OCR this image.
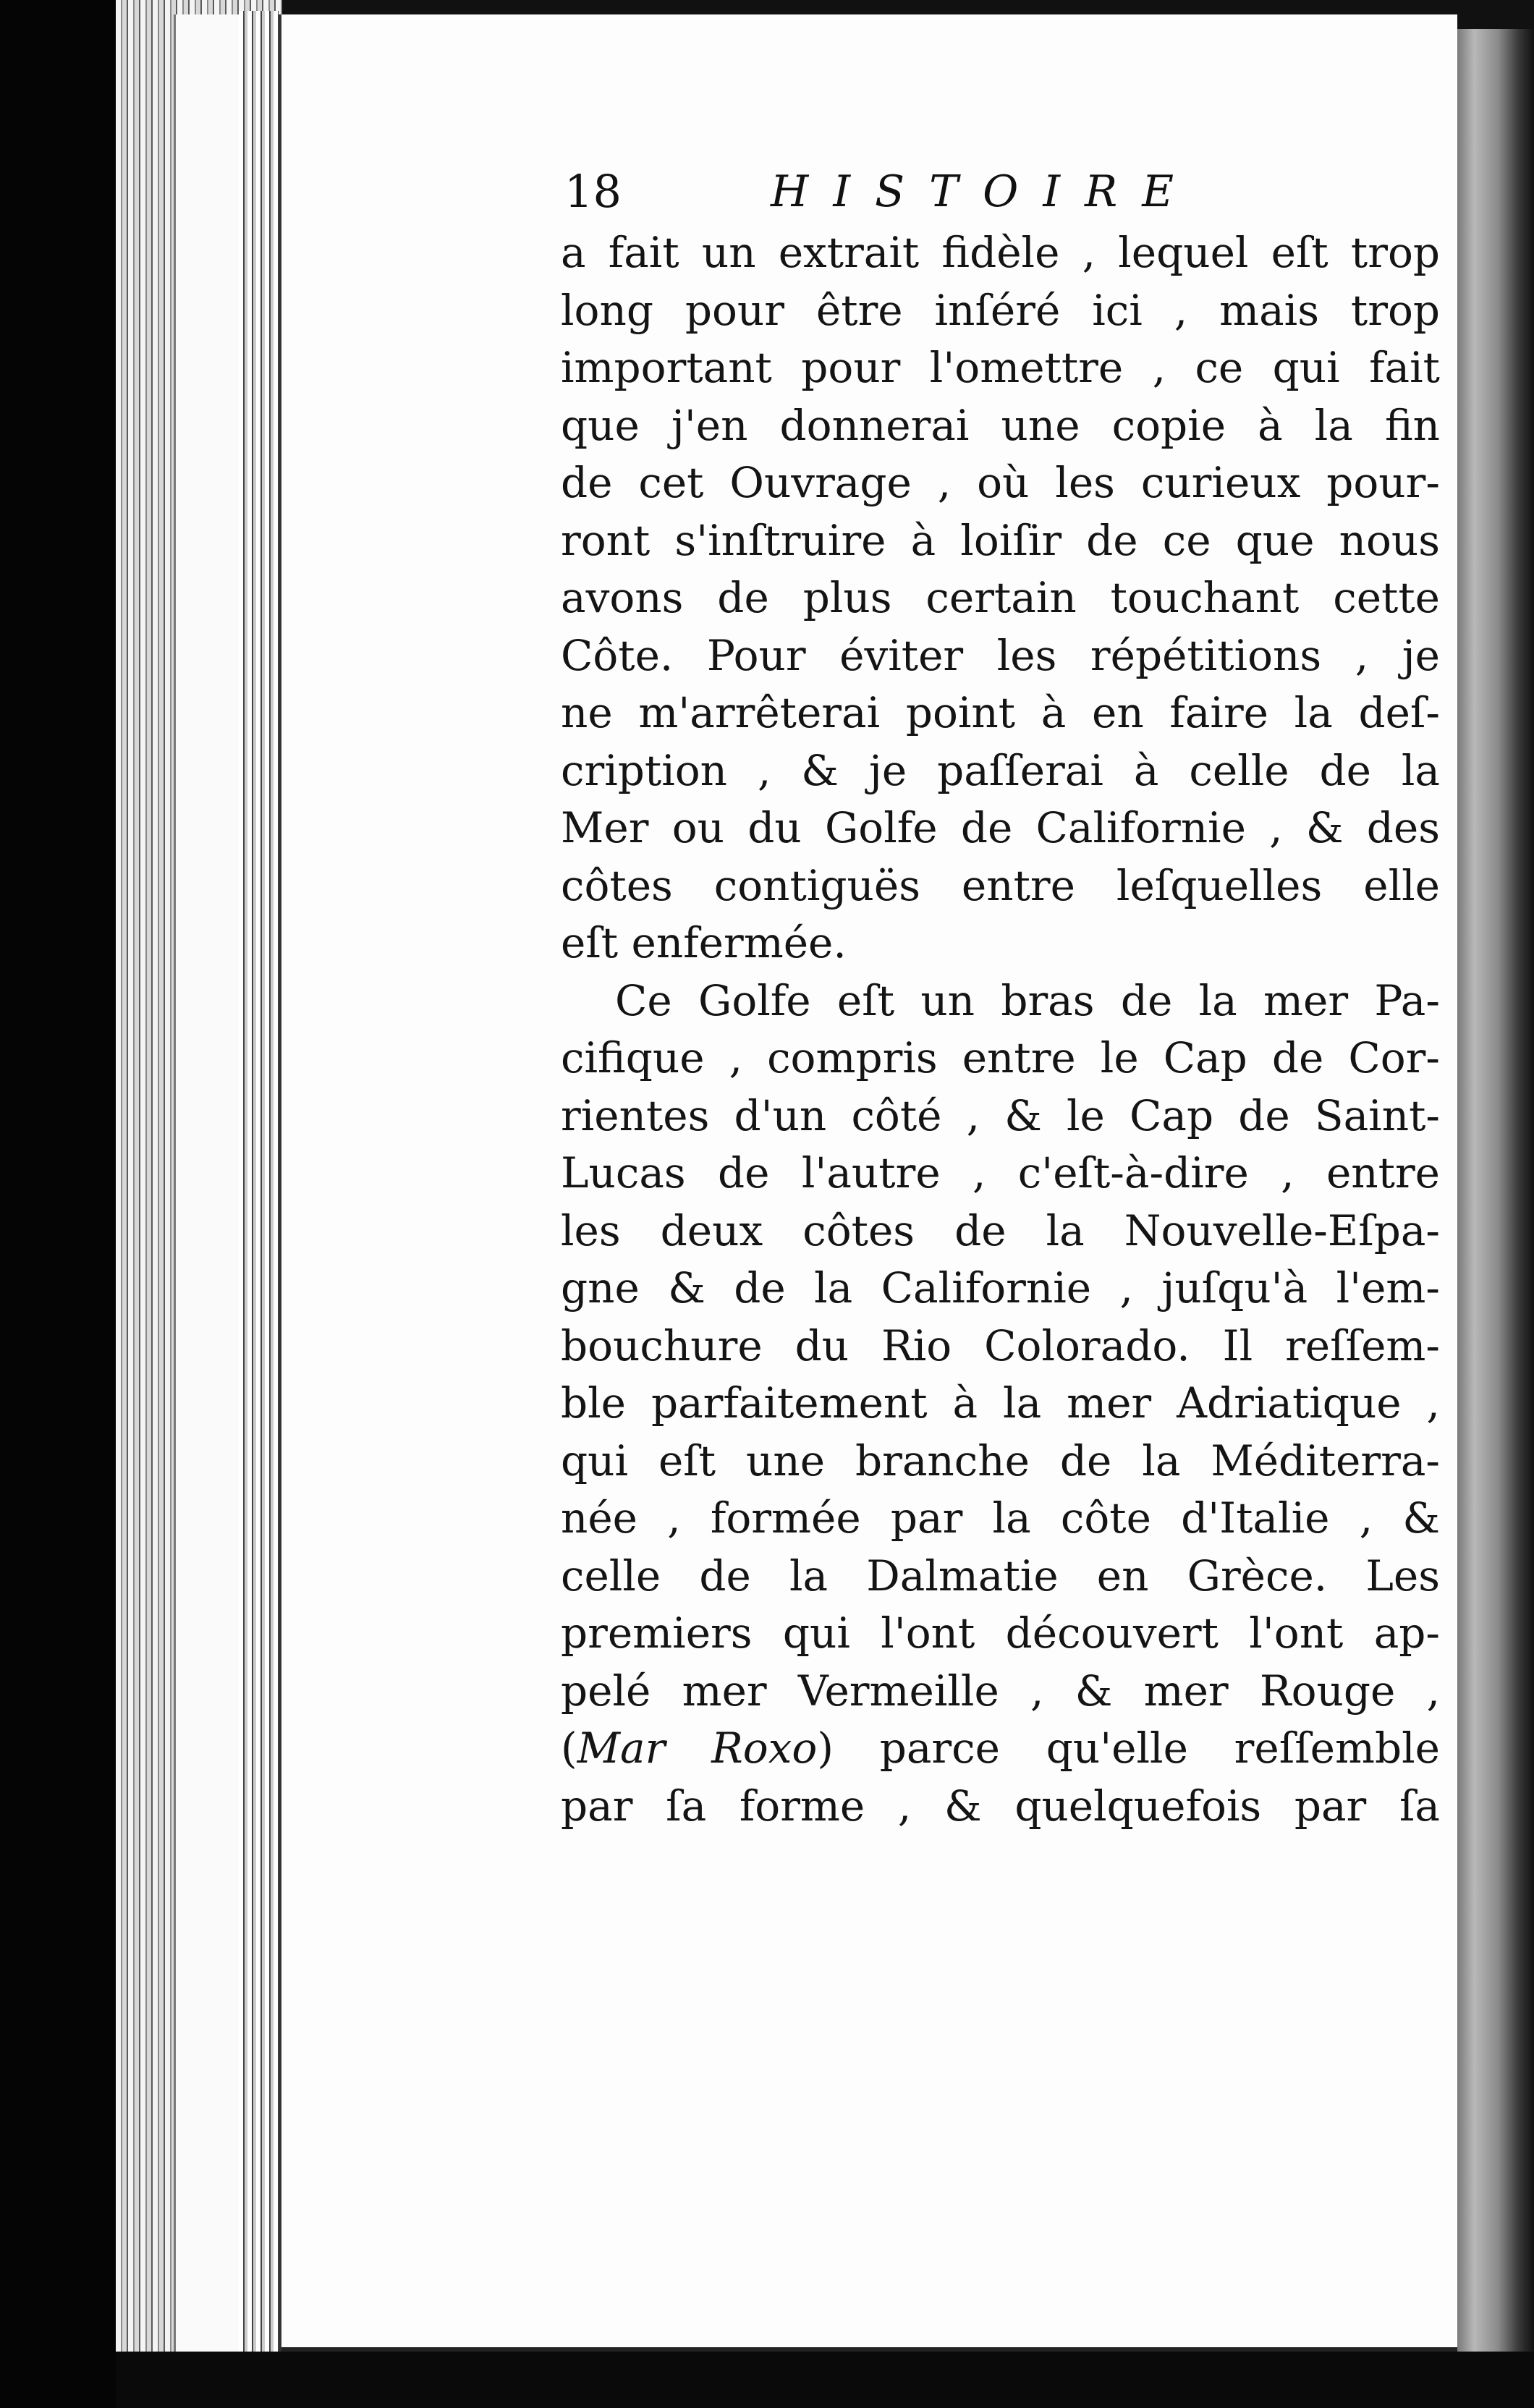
18	HISTOIRE
a fait un extrait fidèle , lequel eſt trop
long pour être inſéré ici , mais trop
important pour l'omettre , ce qui fait
que j'en donnerai une copie à la fin
de cet Ouvrage , où les curieux pour-
ront s'inſtruire à loiſir de ce que nous
avons de plus certain touchant cette
Côte. Pour éviter les répétitions , je
ne m'arrêterai point à en faire la deſ-
cription , & je paſſerai à celle de la
Mer ou du Golfe de Californie , & des
côtes contiguës entre leſquelles elle
eſt enfermée.
Ce Golfe eſt un bras de la mer Pa-
cifique , compris entre le Cap de Cor-
rientes d'un côté , & le Cap de Saint-
Lucas de l'autre , c'eſt-à-dire , entre
les deux côtes de la Nouvelle-Eſpa-
gne & de la Californie , juſqu'à l'em-
bouchure du Rio Colorado. Il reſſem-
ble parfaitement à la mer Adriatique ,
qui eſt une branche de la Méditerra-
née , formée par la côte d'Italie , &
celle de la Dalmatie en Grèce. Les
premiers qui l'ont découvert l'ont ap-
pelé mer Vermeille , & mer Rouge ,
(Mar Roxo) parce qu'elle reſſemble
par ſa forme , & quelquefois par ſa
